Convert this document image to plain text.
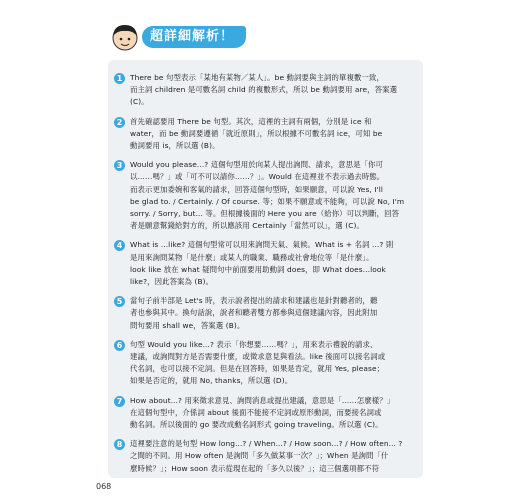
超詳細解析！
1	There be 句型表示「某地有某物／某人」。be 動詞要與主詞的單複數一致，
而主詞 children 是可數名詞 child 的複數形式，所以 be 動詞要用 are，答案選
(C)。
2	首先確認要用 There be 句型。其次，這裡的主詞有兩個，分別是 ice 和
water，而 be 動詞要遵循「就近原則」，所以根據不可數名詞 ice，可知 be
動詞要用 is，所以選 (B)。
3	Would you please...? 這個句型用於向某人提出詢問、請求，意思是「你可
以……嗎？」或「可不可以請你……？」。Would 在這裡並不表示過去時態。
而表示更加委婉和客氣的請求，回答這個句型時，如果願意，可以說 Yes, I'll
be glad to. / Certainly. / Of course. 等；如果不願意或不能夠，可以說 No, I'm
sorry. / Sorry, but... 等。但根據後面的 Here you are（給你）可以判斷，回答
者是願意幫錢給對方的，所以應該用 Certainly「當然可以」，選 (C)。
4	What is ...like? 這個句型常可以用來詢問天氣、氣候。What is + 名詞 ...? 則
是用來詢問某物「是什麼」或某人的職業、職務或社會地位等「是什麼」。
look like 放在 what 疑問句中前面要用助動詞 does，即 What does...look
like?，因此答案為 (B)。
5	當句子前半部是 Let's 時，表示說者提出的請求和建議也是針對聽者的，聽
者也參與其中。換句話說，說者和聽者雙方都參與這個建議內容，因此附加
問句要用 shall we，答案選 (B)。
6	句型 Would you like...? 表示「你想要……嗎？」，用來表示禮貌的請求、
建議，或詢問對方是否需要什麼，或徵求意見與看法。like 後面可以接名詞或
代名詞，也可以接不定詞。但是在回答時，如果是肯定，就用 Yes, please；
如果是否定的，就用 No, thanks，所以選 (D)。
7	How about...? 用來徵求意見、詢問消息或提出建議，意思是「……怎麼樣？」
在這個句型中，介係詞 about 後面不能接不定詞或原形動詞，而要接名詞或
動名詞。所以後面的 go 要改成動名詞形式 going traveling。所以選 (C)。
8	這裡要注意的是句型 How long...? / When...? / How soon...? / How often... ?
之間的不同。用 How often 是詢問「多久做某事一次？」；When 是詢問「什
麼時候？」；How soon 表示從現在起的「多久以後？」；這三個選項都不符
068
